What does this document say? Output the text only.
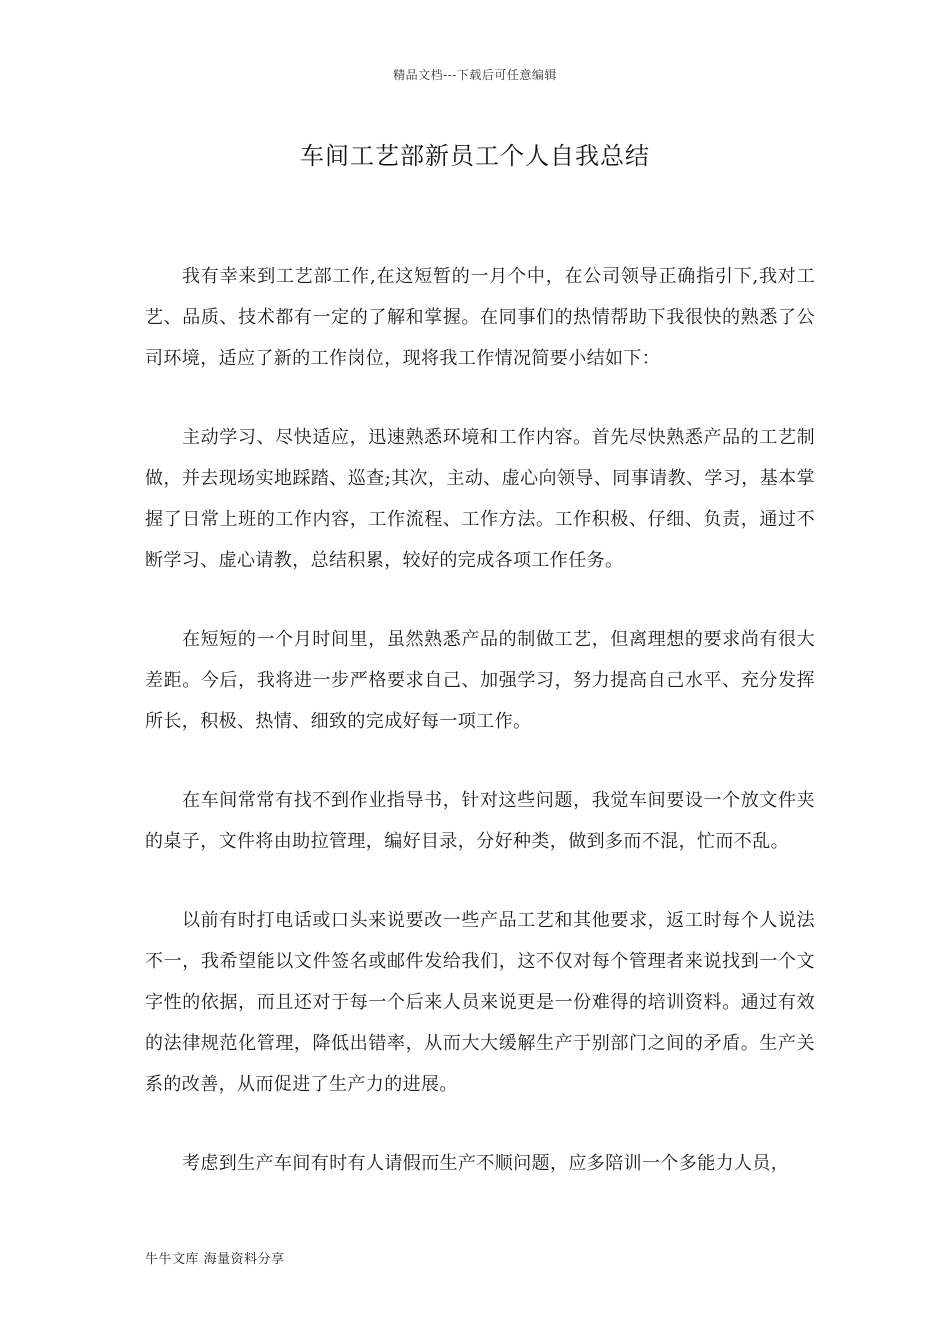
精品文档---下载后可任意编辑
车间工艺部新员工个人自我总结

我有幸来到工艺部工作,在这短暂的一月个中，在公司领导正确指引下,我对工艺、品质、技术都有一定的了解和掌握。在同事们的热情帮助下我很快的熟悉了公司环境，适应了新的工作岗位，现将我工作情况简要小结如下：

主动学习、尽快适应，迅速熟悉环境和工作内容。首先尽快熟悉产品的工艺制做，并去现场实地踩踏、巡查;其次，主动、虚心向领导、同事请教、学习，基本掌握了日常上班的工作内容，工作流程、工作方法。工作积极、仔细、负责，通过不断学习、虚心请教，总结积累，较好的完成各项工作任务。

在短短的一个月时间里，虽然熟悉产品的制做工艺，但离理想的要求尚有很大差距。今后，我将进一步严格要求自己、加强学习，努力提高自己水平、充分发挥所长，积极、热情、细致的完成好每一项工作。

在车间常常有找不到作业指导书，针对这些问题，我觉车间要设一个放文件夹的桌子，文件将由助拉管理，编好目录，分好种类，做到多而不混，忙而不乱。

以前有时打电话或口头来说要改一些产品工艺和其他要求，返工时每个人说法不一，我希望能以文件签名或邮件发给我们，这不仅对每个管理者来说找到一个文字性的依据，而且还对于每一个后来人员来说更是一份难得的培训资料。通过有效的法律规范化管理，降低出错率，从而大大缓解生产于别部门之间的矛盾。生产关系的改善，从而促进了生产力的进展。

考虑到生产车间有时有人请假而生产不顺问题，应多陪训一个多能力人员，

牛牛文库 海量资料分享
